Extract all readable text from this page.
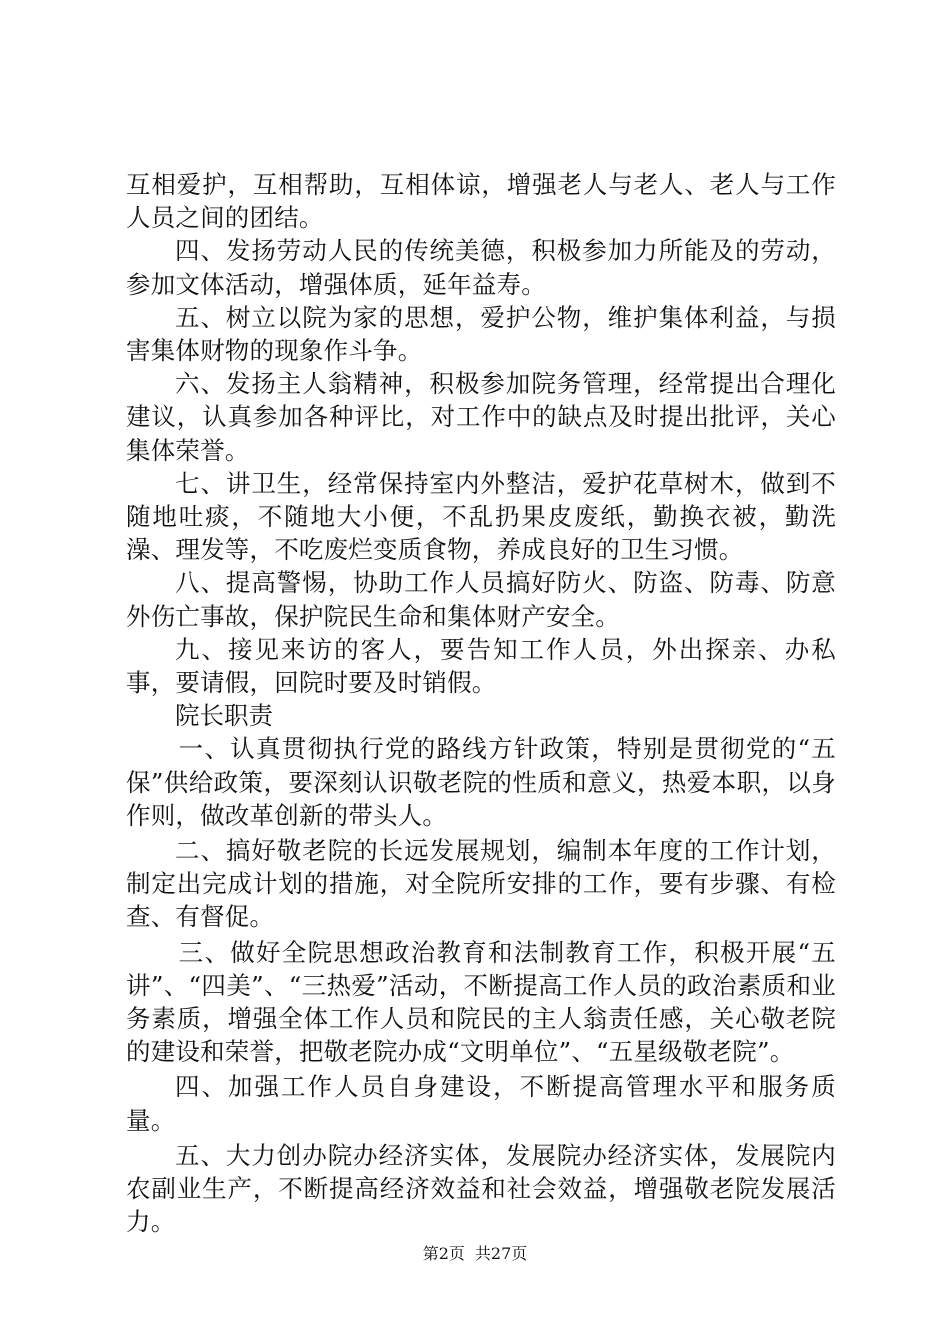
互相爱护，互相帮助，互相体谅，增强老人与老人、老人与工作人员之间的团结。

四、发扬劳动人民的传统美德，积极参加力所能及的劳动，参加文体活动，增强体质，延年益寿。

五、树立以院为家的思想，爱护公物，维护集体利益，与损害集体财物的现象作斗争。

六、发扬主人翁精神，积极参加院务管理，经常提出合理化建议，认真参加各种评比，对工作中的缺点及时提出批评，关心集体荣誉。

七、讲卫生，经常保持室内外整洁，爱护花草树木，做到不随地吐痰，不随地大小便，不乱扔果皮废纸，勤换衣被，勤洗澡、理发等，不吃废烂变质食物，养成良好的卫生习惯。

八、提高警惕，协助工作人员搞好防火、防盗、防毒、防意外伤亡事故，保护院民生命和集体财产安全。

九、接见来访的客人，要告知工作人员，外出探亲、办私事，要请假，回院时要及时销假。

院长职责

一、认真贯彻执行党的路线方针政策，特别是贯彻党的“五保”供给政策，要深刻认识敬老院的性质和意义，热爱本职，以身作则，做改革创新的带头人。

二、搞好敬老院的长远发展规划，编制本年度的工作计划，制定出完成计划的措施，对全院所安排的工作，要有步骤、有检查、有督促。

三、做好全院思想政治教育和法制教育工作，积极开展“五讲”、“四美”、“三热爱”活动，不断提高工作人员的政治素质和业务素质，增强全体工作人员和院民的主人翁责任感，关心敬老院的建设和荣誉，把敬老院办成“文明单位”、“五星级敬老院”。

四、加强工作人员自身建设，不断提高管理水平和服务质量。

五、大力创办院办经济实体，发展院办经济实体，发展院内农副业生产，不断提高经济效益和社会效益，增强敬老院发展活力。

第2页 共27页
